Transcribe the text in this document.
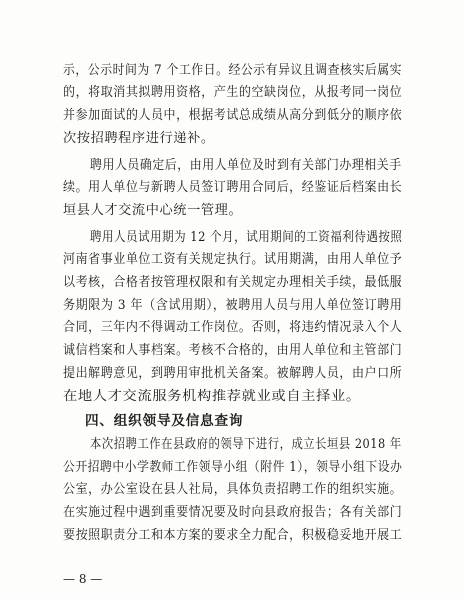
示，公示时间为 7 个工作日。经公示有异议且调查核实后属实
的，将取消其拟聘用资格，产生的空缺岗位，从报考同一岗位
并参加面试的人员中，根据考试总成绩从高分到低分的顺序依
次按招聘程序进行递补。
聘用人员确定后，由用人单位及时到有关部门办理相关手
续。用人单位与新聘人员签订聘用合同后，经鉴证后档案由长
垣县人才交流中心统一管理。
聘用人员试用期为 12 个月，试用期间的工资福利待遇按照
河南省事业单位工资有关规定执行。试用期满，由用人单位予
以考核，合格者按管理权限和有关规定办理相关手续，最低服
务期限为 3 年（含试用期），被聘用人员与用人单位签订聘用
合同，三年内不得调动工作岗位。否则，将违约情况录入个人
诚信档案和人事档案。考核不合格的，由用人单位和主管部门
提出解聘意见，到聘用审批机关备案。被解聘人员，由户口所
— 8 —
四、组织领导及信息查询
在地人才交流服务机构推荐就业或自主择业。
本次招聘工作在县政府的领导下进行，成立长垣县 2018 年
公开招聘中小学教师工作领导小组（附件 1），领导小组下设办
公室，办公室设在县人社局，具体负责招聘工作的组织实施。
在实施过程中遇到重要情况要及时向县政府报告；各有关部门
要按照职责分工和本方案的要求全力配合，积极稳妥地开展工
